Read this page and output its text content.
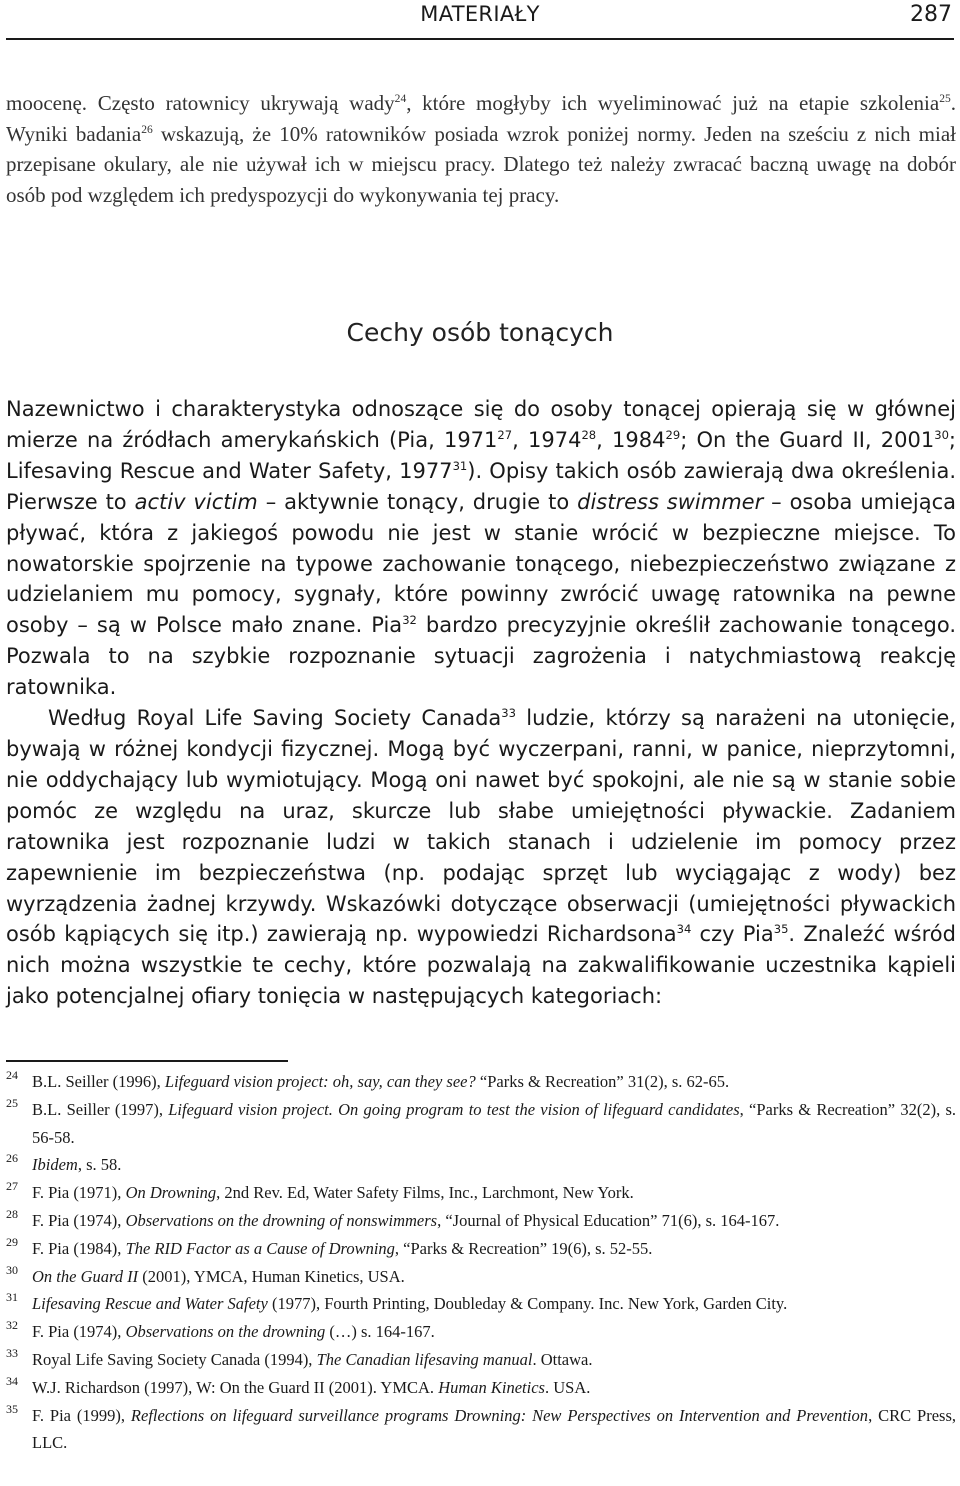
MATERIAŁY	287

moocenę. Często ratownicy ukrywają wady$^{24}$, które mogłyby ich wyeliminować już na etapie szkolenia$^{25}$. Wyniki badania$^{26}$ wskazują, że 10% ratowników posiada wzrok poniżej normy. Jeden na sześciu z nich miał przepisane okulary, ale nie używał ich w miejscu pracy. Dlatego też należy zwracać baczną uwagę na dobór osób pod względem ich predyspozycji do wykonywania tej pracy.

Cechy osób tonących

Nazewnictwo i charakterystyka odnoszące się do osoby tonącej opierają się w głównej mierze na źródłach amerykańskich (Pia, 1971$^{27}$, 1974$^{28}$, 1984$^{29}$; On the Guard II, 2001$^{30}$; Lifesaving Rescue and Water Safety, 1977$^{31}$). Opisy takich osób zawierają dwa określenia. Pierwsze to activ victim – aktywnie tonący, drugie to distress swimmer – osoba umiejąca pływać, która z jakiegoś powodu nie jest w stanie wrócić w bezpieczne miejsce. To nowatorskie spojrzenie na typowe zachowanie tonącego, niebezpieczeństwo związane z udzielaniem mu pomocy, sygnały, które powinny zwrócić uwagę ratownika na pewne osoby – są w Polsce mało znane. Pia$^{32}$ bardzo precyzyjnie określił zachowanie tonącego. Pozwala to na szybkie rozpoznanie sytuacji zagrożenia i natychmiastową reakcję ratownika.

Według Royal Life Saving Society Canada$^{33}$ ludzie, którzy są narażeni na utonięcie, bywają w różnej kondycji fizycznej. Mogą być wyczerpani, ranni, w panice, nieprzytomni, nie oddychający lub wymiotujący. Mogą oni nawet być spokojni, ale nie są w stanie sobie pomóc ze względu na uraz, skurcze lub słabe umiejętności pływackie. Zadaniem ratownika jest rozpoznanie ludzi w takich stanach i udzielenie im pomocy przez zapewnienie im bezpieczeństwa (np. podając sprzęt lub wyciągając z wody) bez wyrządzenia żadnej krzywdy. Wskazówki dotyczące obserwacji (umiejętności pływackich osób kąpiących się itp.) zawierają np. wypowiedzi Richardsona$^{34}$ czy Pia$^{35}$. Znaleźć wśród nich można wszystkie te cechy, które pozwalają na zakwalifikowanie uczestnika kąpieli jako potencjalnej ofiary tonięcia w następujących kategoriach:

24 B.L. Seiller (1996), Lifeguard vision project: oh, say, can they see? “Parks & Recreation” 31(2), s. 62-65.
25 B.L. Seiller (1997), Lifeguard vision project. On going program to test the vision of lifeguard candidates, “Parks & Recreation” 32(2), s. 56-58.
26 Ibidem, s. 58.
27 F. Pia (1971), On Drowning, 2nd Rev. Ed, Water Safety Films, Inc., Larchmont, New York.
28 F. Pia (1974), Observations on the drowning of nonswimmers, “Journal of Physical Education” 71(6), s. 164-167.
29 F. Pia (1984), The RID Factor as a Cause of Drowning, “Parks & Recreation” 19(6), s. 52-55.
30 On the Guard II (2001), YMCA, Human Kinetics, USA.
31 Lifesaving Rescue and Water Safety (1977), Fourth Printing, Doubleday & Company. Inc. New York, Garden City.
32 F. Pia (1974), Observations on the drowning (…) s. 164-167.
33 Royal Life Saving Society Canada (1994), The Canadian lifesaving manual. Ottawa.
34 W.J. Richardson (1997), W: On the Guard II (2001). YMCA. Human Kinetics. USA.
35 F. Pia (1999), Reflections on lifeguard surveillance programs Drowning: New Perspectives on Intervention and Prevention, CRC Press, LLC.
